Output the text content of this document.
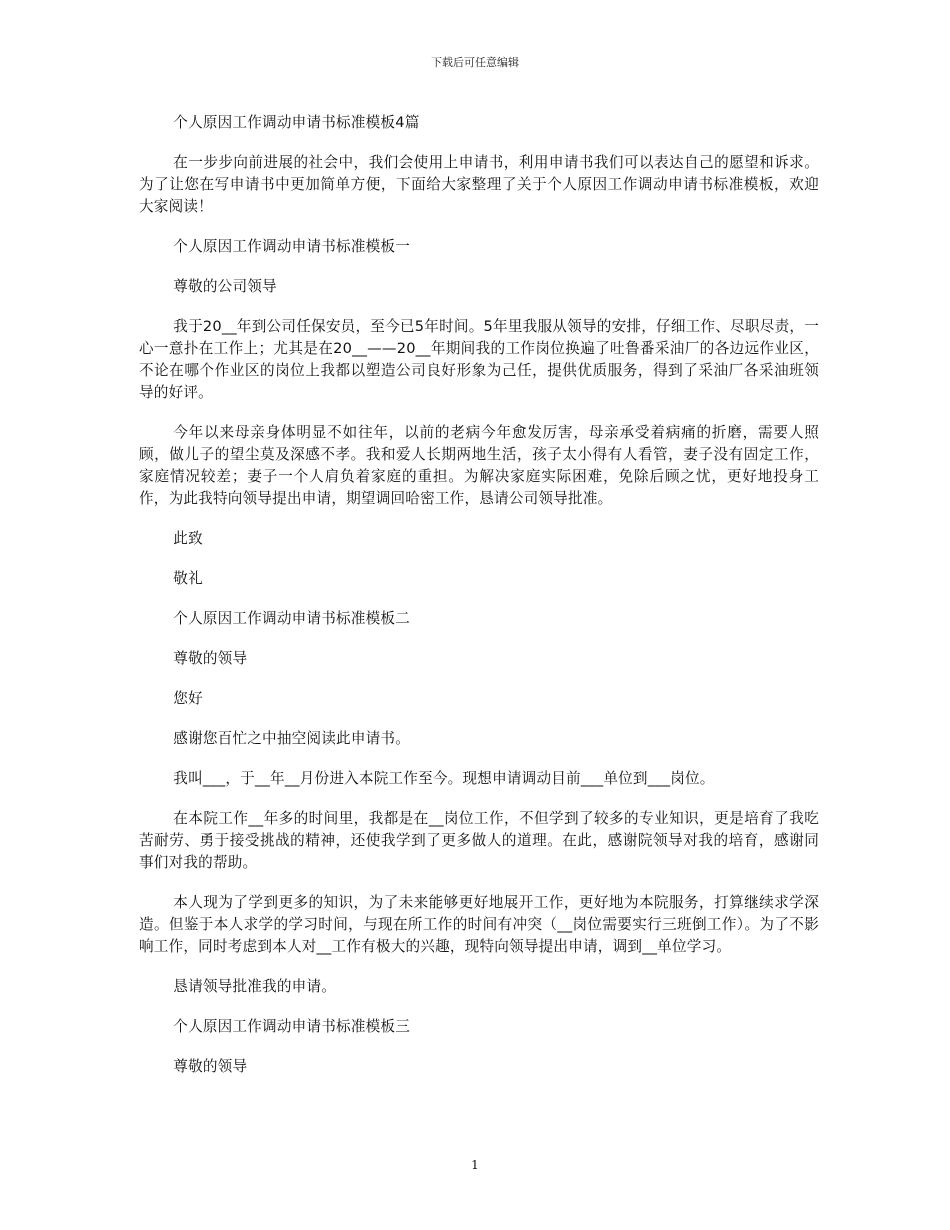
下载后可任意编辑

个人原因工作调动申请书标准模板4篇

在一步步向前进展的社会中，我们会使用上申请书，利用申请书我们可以表达自己的愿望和诉求。为了让您在写申请书中更加简单方便，下面给大家整理了关于个人原因工作调动申请书标准模板，欢迎大家阅读！

个人原因工作调动申请书标准模板一

尊敬的公司领导

我于20__年到公司任保安员，至今已5年时间。5年里我服从领导的安排，仔细工作、尽职尽责，一心一意扑在工作上；尤其是在20__——20__年期间我的工作岗位换遍了吐鲁番采油厂的各边远作业区，不论在哪个作业区的岗位上我都以塑造公司良好形象为己任，提供优质服务，得到了采油厂各采油班领导的好评。

今年以来母亲身体明显不如往年，以前的老病今年愈发厉害，母亲承受着病痛的折磨，需要人照顾，做儿子的望尘莫及深感不孝。我和爱人长期两地生活，孩子太小得有人看管，妻子没有固定工作，家庭情况较差；妻子一个人肩负着家庭的重担。为解决家庭实际困难，免除后顾之忧，更好地投身工作，为此我特向领导提出申请，期望调回哈密工作，恳请公司领导批准。

此致

敬礼

个人原因工作调动申请书标准模板二

尊敬的领导

您好

感谢您百忙之中抽空阅读此申请书。

我叫___，于__年__月份进入本院工作至今。现想申请调动目前___单位到___岗位。

在本院工作__年多的时间里，我都是在__岗位工作，不但学到了较多的专业知识，更是培育了我吃苦耐劳、勇于接受挑战的精神，还使我学到了更多做人的道理。在此，感谢院领导对我的培育，感谢同事们对我的帮助。

本人现为了学到更多的知识，为了未来能够更好地展开工作，更好地为本院服务，打算继续求学深造。但鉴于本人求学的学习时间，与现在所工作的时间有冲突（__岗位需要实行三班倒工作）。为了不影响工作，同时考虑到本人对__工作有极大的兴趣，现特向领导提出申请，调到__单位学习。

恳请领导批准我的申请。

个人原因工作调动申请书标准模板三

尊敬的领导

1
